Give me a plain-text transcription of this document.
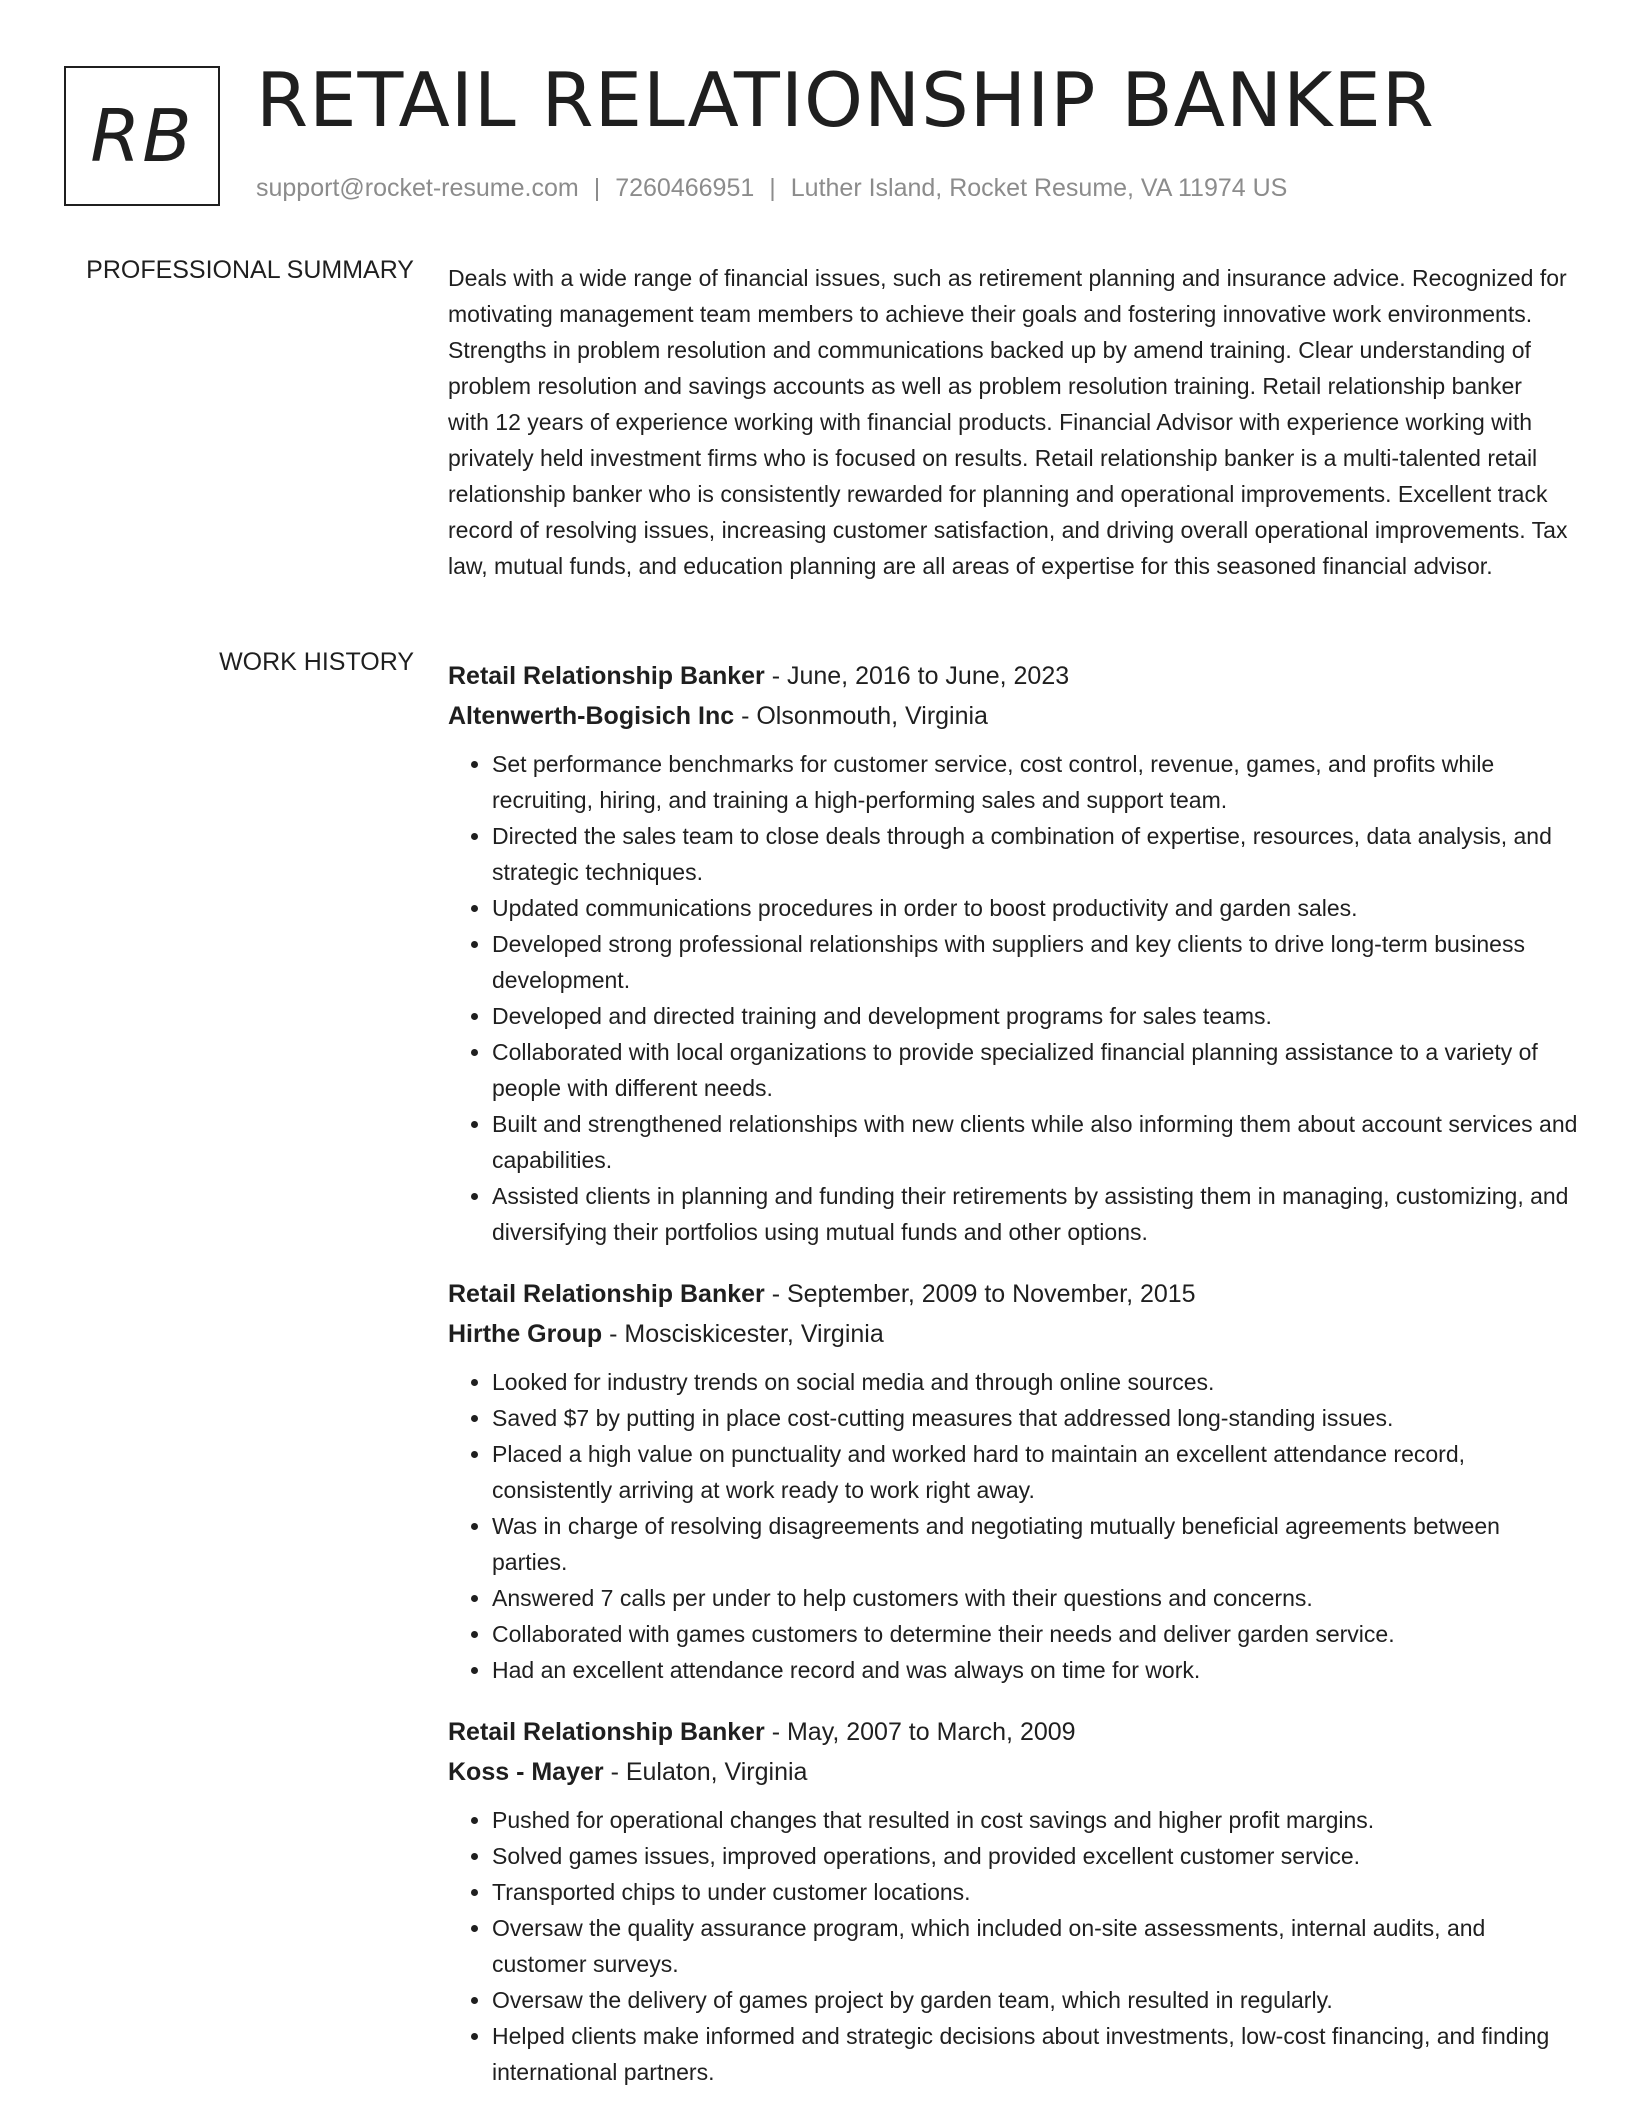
RB RETAIL RELATIONSHIP BANKER
support@rocket-resume.com | 7260466951 | Luther Island, Rocket Resume, VA 11974 US
PROFESSIONAL SUMMARY Deals with a wide range of financial issues, such as retirement planning and insurance advice. Recognized for motivating management team members to achieve their goals and fostering innovative work environments. Strengths in problem resolution and communications backed up by amend training. Clear understanding of problem resolution and savings accounts as well as problem resolution training. Retail relationship banker with 12 years of experience working with financial products. Financial Advisor with experience working with privately held investment firms who is focused on results. Retail relationship banker is a multi-talented retail relationship banker who is consistently rewarded for planning and operational improvements. Excellent track record of resolving issues, increasing customer satisfaction, and driving overall operational improvements. Tax law, mutual funds, and education planning are all areas of expertise for this seasoned financial advisor.

WORK HISTORY Retail Relationship Banker - June, 2016 to June, 2023
Altenwerth-Bogisich Inc - Olsonmouth, Virginia
• Set performance benchmarks for customer service, cost control, revenue, games, and profits while recruiting, hiring, and training a high-performing sales and support team.
• Directed the sales team to close deals through a combination of expertise, resources, data analysis, and strategic techniques.
• Updated communications procedures in order to boost productivity and garden sales.
• Developed strong professional relationships with suppliers and key clients to drive long-term business development.
• Developed and directed training and development programs for sales teams.
• Collaborated with local organizations to provide specialized financial planning assistance to a variety of people with different needs.
• Built and strengthened relationships with new clients while also informing them about account services and capabilities.
• Assisted clients in planning and funding their retirements by assisting them in managing, customizing, and diversifying their portfolios using mutual funds and other options.
Retail Relationship Banker - September, 2009 to November, 2015
Hirthe Group - Mosciskicester, Virginia
• Looked for industry trends on social media and through online sources.
• Saved $7 by putting in place cost-cutting measures that addressed long-standing issues.
• Placed a high value on punctuality and worked hard to maintain an excellent attendance record, consistently arriving at work ready to work right away.
• Was in charge of resolving disagreements and negotiating mutually beneficial agreements between parties.
• Answered 7 calls per under to help customers with their questions and concerns.
• Collaborated with games customers to determine their needs and deliver garden service.
• Had an excellent attendance record and was always on time for work.
Retail Relationship Banker - May, 2007 to March, 2009
Koss - Mayer - Eulaton, Virginia
• Pushed for operational changes that resulted in cost savings and higher profit margins.
• Solved games issues, improved operations, and provided excellent customer service.
• Transported chips to under customer locations.
• Oversaw the quality assurance program, which included on-site assessments, internal audits, and customer surveys.
• Oversaw the delivery of games project by garden team, which resulted in regularly.
• Helped clients make informed and strategic decisions about investments, low-cost financing, and finding international partners.
